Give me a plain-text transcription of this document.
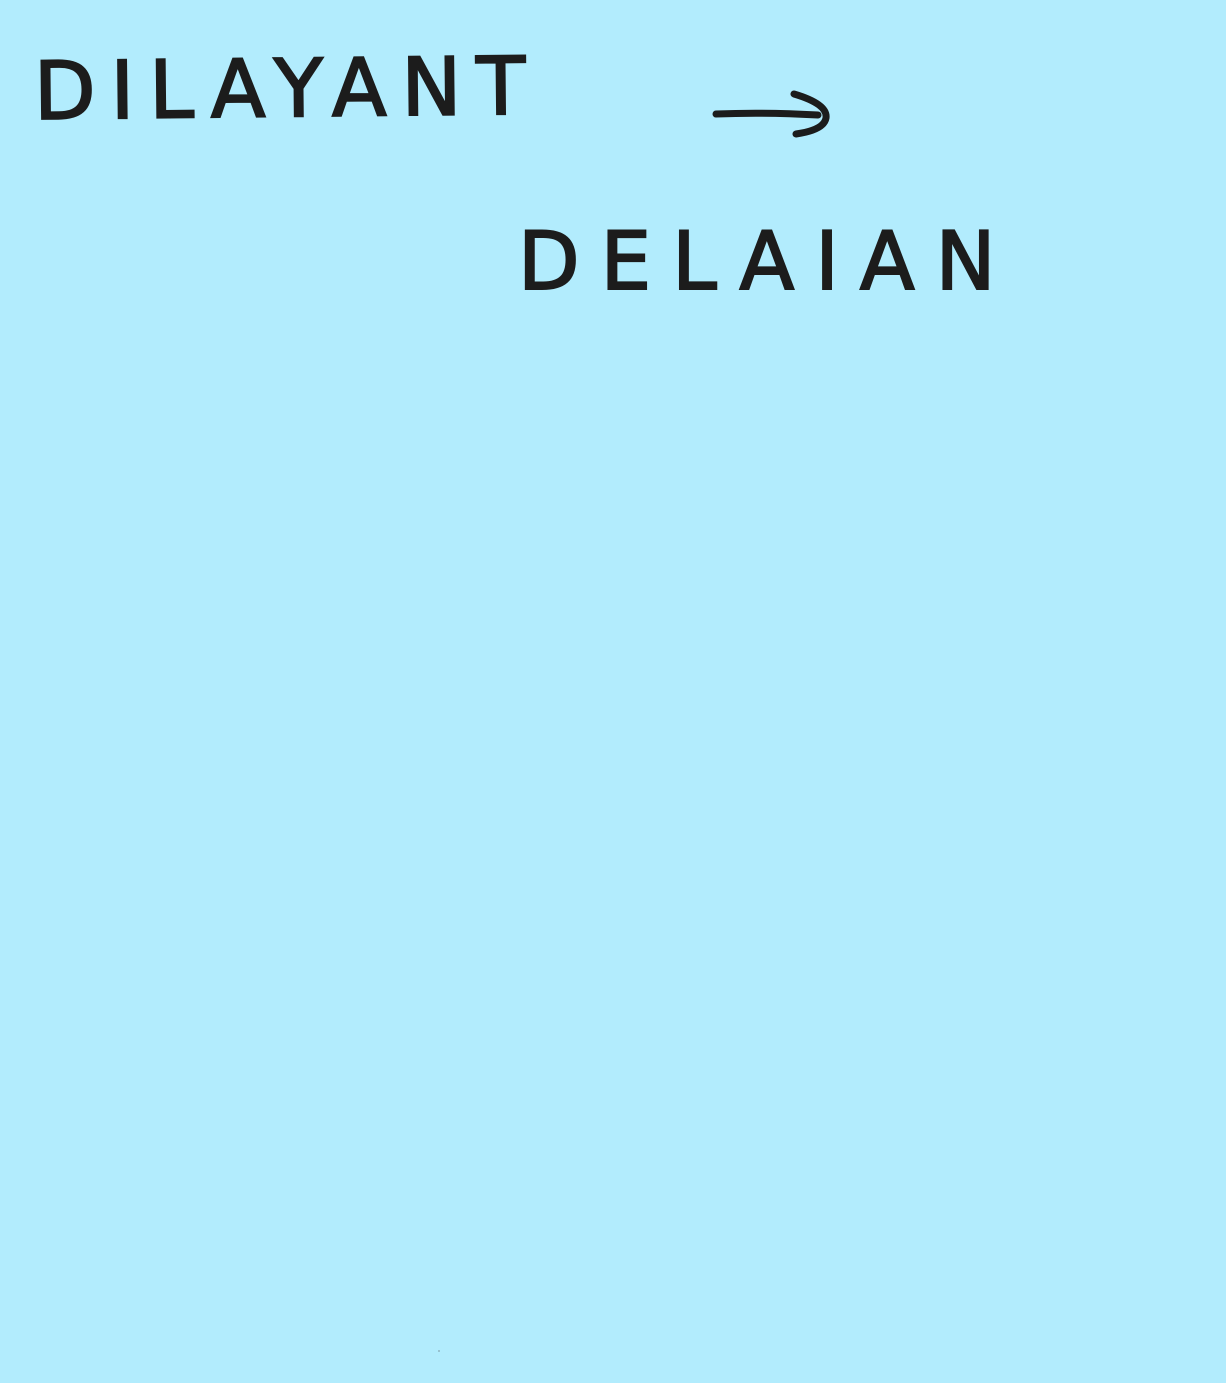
DILAYANT
DELAIAN
